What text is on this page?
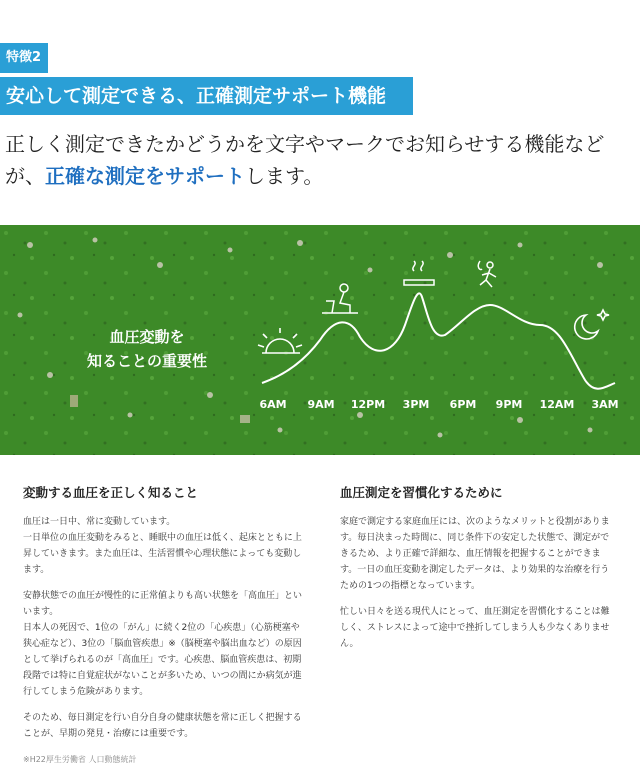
特徴2
安心して測定できる、正確測定サポート機能
正しく測定できたかどうかを文字やマークでお知らせする機能などが、正確な測定をサポートします。
血圧変動を
知ることの重要性
6AM 9AM 12PM 3PM 6PM 9PM 12AM 3AM
変動する血圧を正しく知ること

血圧は一日中、常に変動しています。
一日単位の血圧変動をみると、睡眠中の血圧は低く、起床とともに上昇していきます。また血圧は、生活習慣や心理状態によっても変動します。

安静状態での血圧が慢性的に正常値よりも高い状態を「高血圧」といいます。
日本人の死因で、1位の「がん」に続く2位の「心疾患」（心筋梗塞や狭心症など）、3位の「脳血管疾患」※（脳梗塞や脳出血など）の原因として挙げられるのが「高血圧」です。心疾患、脳血管疾患は、初期段階では特に自覚症状がないことが多いため、いつの間にか病気が進行してしまう危険があります。

そのため、毎日測定を行い自分自身の健康状態を常に正しく把握することが、早期の発見・治療には重要です。

※H22厚生労働省 人口動態統計

血圧測定を習慣化するために

家庭で測定する家庭血圧には、次のようなメリットと役割があります。毎日決まった時間に、同じ条件下の安定した状態で、測定ができるため、より正確で詳細な、血圧情報を把握することができます。一日の血圧変動を測定したデータは、より効果的な治療を行うための1つの指標となっています。

忙しい日々を送る現代人にとって、血圧測定を習慣化することは難しく、ストレスによって途中で挫折してしまう人も少なくありません。
